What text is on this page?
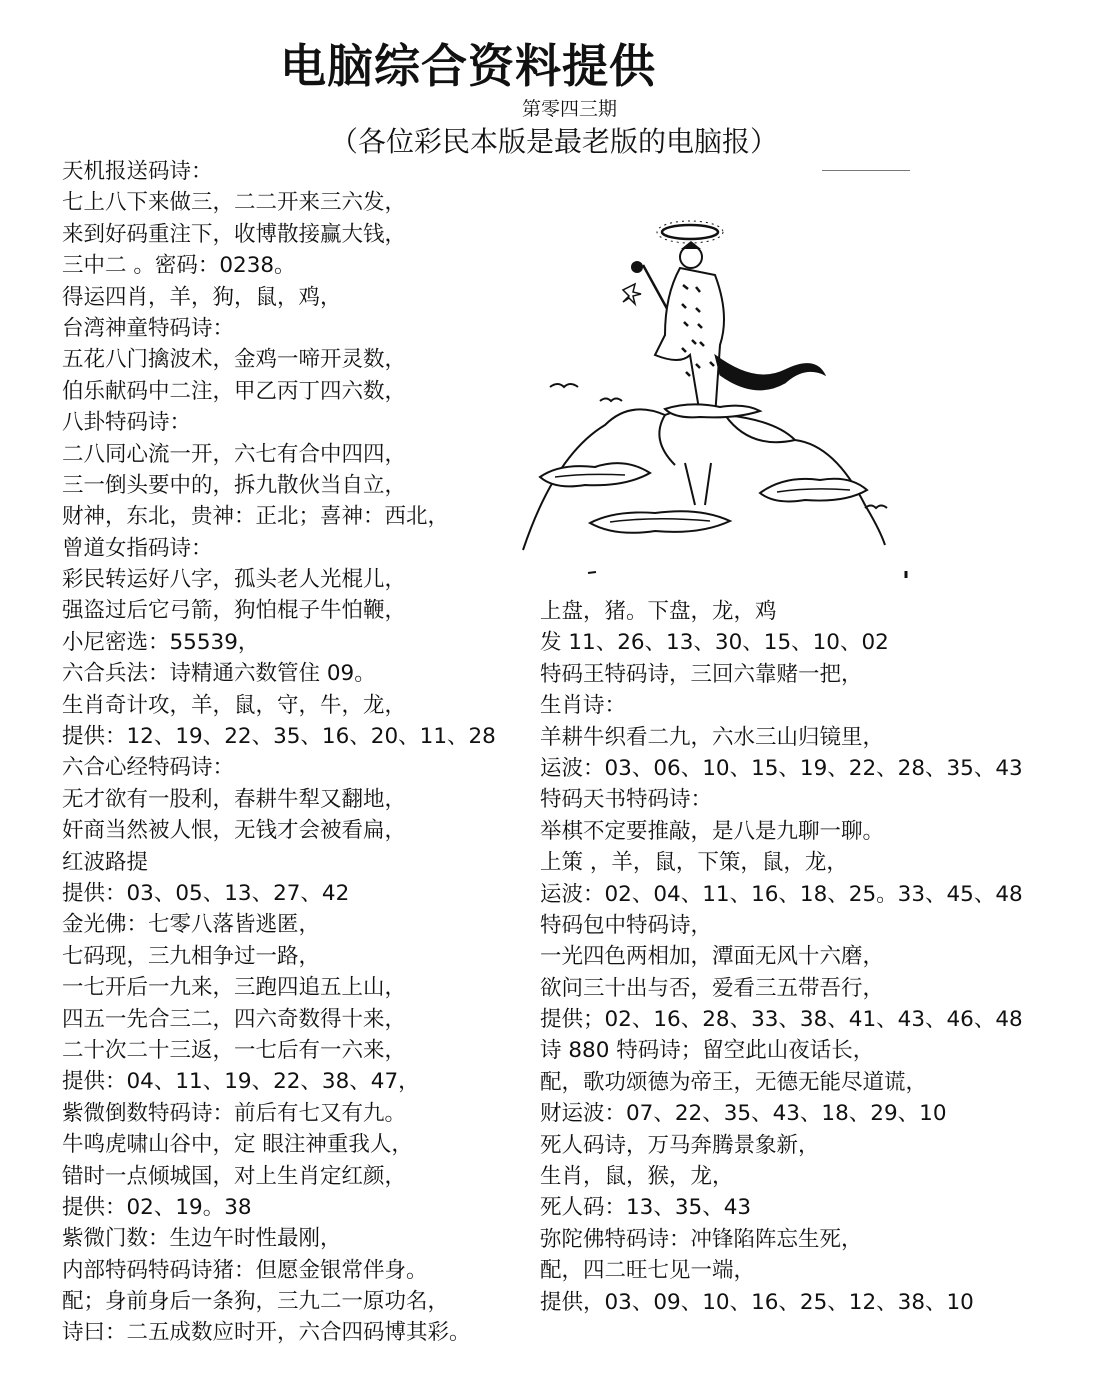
电脑综合资料提供
第零四三期
（各位彩民本版是最老版的电脑报）
天机报送码诗：
七上八下来做三，二二开来三六发，
来到好码重注下，收博散接赢大钱，
三中二 。密码：0238。
得运四肖，羊，狗，鼠，鸡，
台湾神童特码诗：
五花八门擒波术，金鸡一啼开灵数，
伯乐献码中二注，甲乙丙丁四六数，
八卦特码诗：
二八同心流一开，六七有合中四四，
三一倒头要中的，拆九散伙当自立，
财神，东北，贵神：正北；喜神：西北，
曾道女指码诗：
彩民转运好八字，孤头老人光棍儿，
强盗过后它弓箭，狗怕棍子牛怕鞭，
小尼密选：55539，
六合兵法：诗精通六数管住 09。
生肖奇计攻，羊，鼠，守，牛，龙，
提供：12、19、22、35、16、20、11、28
六合心经特码诗：
无才欲有一股利，春耕牛犁又翻地，
奸商当然被人恨，无钱才会被看扁，
红波路提
提供：03、05、13、27、42
金光佛：七零八落皆逃匿，
七码现，三九相争过一路，
一七开后一九来，三跑四追五上山，
四五一先合三二，四六奇数得十来，
二十次二十三返，一七后有一六来，
提供：04、11、19、22、38、47，
紫微倒数特码诗：前后有七又有九。
牛鸣虎啸山谷中，定 眼注神重我人，
错时一点倾城国，对上生肖定红颜，
提供：02、19。38
紫微门数：生边午时性最刚，
内部特码特码诗猪：但愿金银常伴身。
配；身前身后一条狗，三九二一原功名，
诗曰：二五成数应时开，六合四码博其彩。
上盘，猪。下盘，龙，鸡
发 11、26、13、30、15、10、02
特码王特码诗，三回六靠赌一把，
生肖诗：
羊耕牛织看二九，六水三山归镜里，
运波：03、06、10、15、19、22、28、35、43
特码天书特码诗：
举棋不定要推敲，是八是九聊一聊。
上策 ，羊，鼠，下策，鼠，龙，
运波：02、04、11、16、18、25。33、45、48
特码包中特码诗，
一光四色两相加，潭面无风十六磨，
欲问三十出与否，爱看三五带吾行，
提供；02、16、28、33、38、41、43、46、48
诗 880 特码诗；留空此山夜话长，
配，歌功颂德为帝王，无德无能尽道谎，
财运波：07、22、35、43、18、29、10
死人码诗，万马奔腾景象新，
生肖，鼠，猴，龙，
死人码：13、35、43
弥陀佛特码诗：冲锋陷阵忘生死，
配，四二旺七见一端，
提供，03、09、10、16、25、12、38、10
